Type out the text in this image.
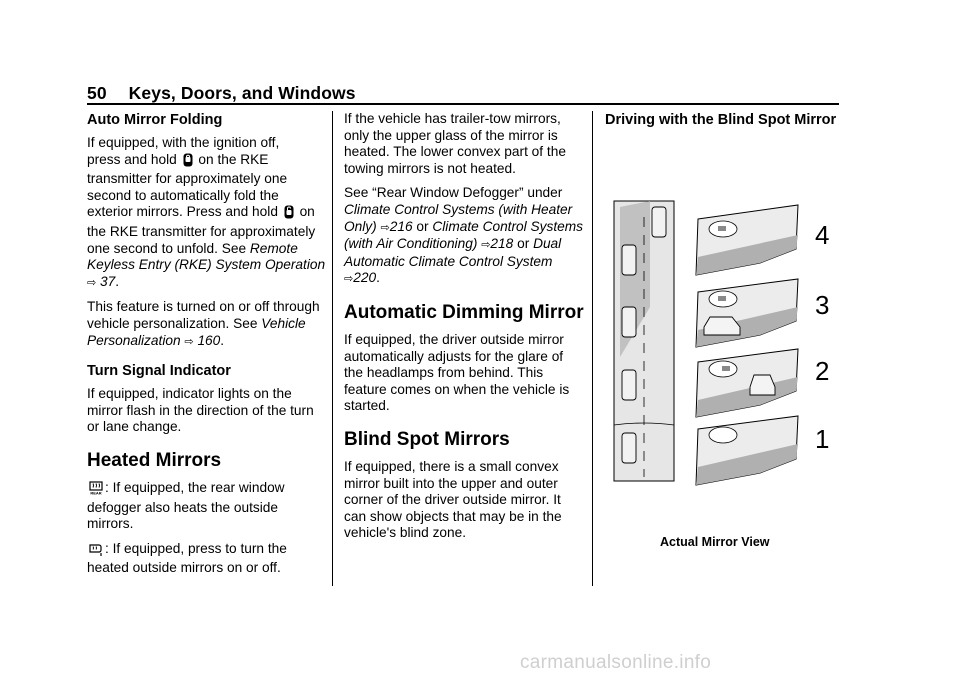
50 Keys, Doors, and Windows
Auto Mirror Folding

If equipped, with the ignition off,
press and hold on the RKE transmitter for approximately one second to automatically fold the
exterior mirrors. Press and hold on the RKE transmitter for approximately one second to unfold. See Remote Keyless Entry (RKE) System Operation ⇨ 37.

This feature is turned on or off through vehicle personalization. See Vehicle Personalization ⇨ 160.

Turn Signal Indicator

If equipped, indicator lights on the mirror flash in the direction of the turn or lane change.

Heated Mirrors

REAR : If equipped, the rear window defogger also heats the outside mirrors.

: If equipped, press to turn the heated outside mirrors on or off.

If the vehicle has trailer-tow mirrors, only the upper glass of the mirror is heated. The lower convex part of the towing mirrors is not heated.

See “Rear Window Defogger” under Climate Control Systems (with Heater Only) ⇨216 or Climate Control Systems (with Air Conditioning) ⇨218 or Dual Automatic Climate Control System
⇨220.

Automatic Dimming Mirror

If equipped, the driver outside mirror automatically adjusts for the glare of the headlamps from behind. This feature comes on when the vehicle is started.

Blind Spot Mirrors

If equipped, there is a small convex mirror built into the upper and outer corner of the driver outside mirror. It can show objects that may be in the vehicle's blind zone.

Driving with the Blind Spot Mirror
4
3
2
1
Actual Mirror View
carmanualsonline.info
